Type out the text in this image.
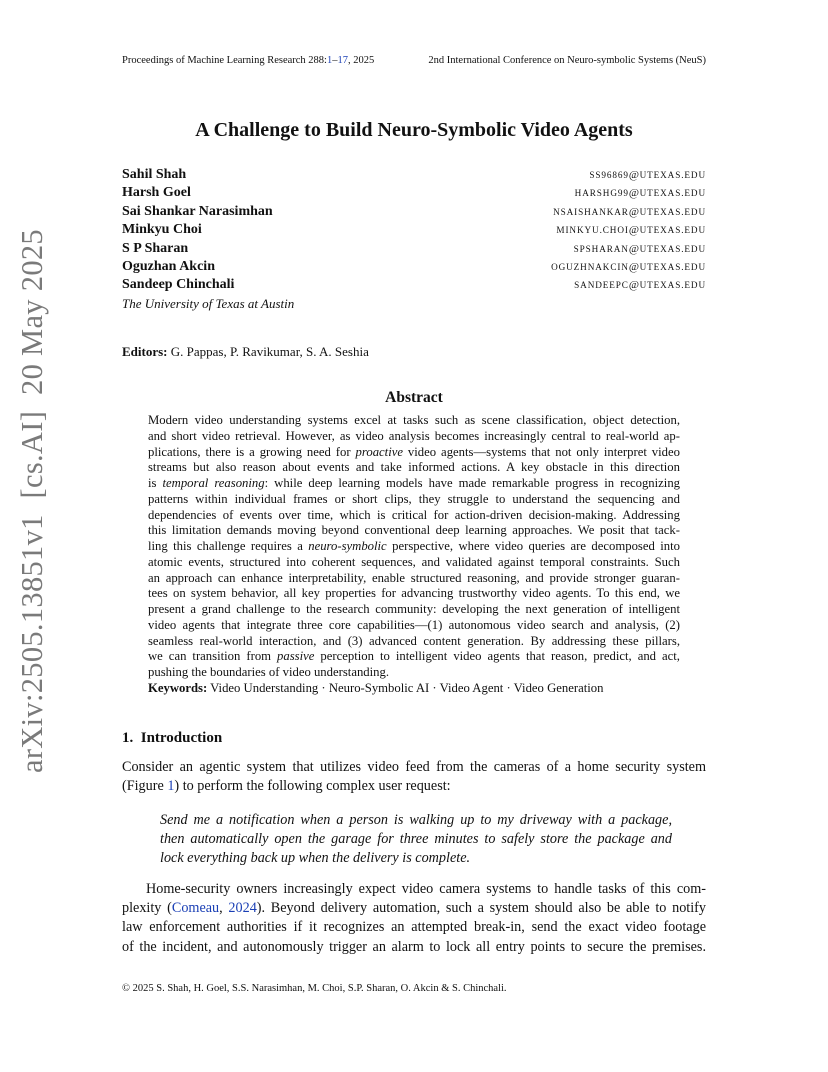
Proceedings of Machine Learning Research 288:1–17, 2025	2nd International Conference on Neuro-symbolic Systems (NeuS)
A Challenge to Build Neuro-Symbolic Video Agents
Sahil Shah	SS96869@UTEXAS.EDU
Harsh Goel	HARSHG99@UTEXAS.EDU
Sai Shankar Narasimhan	NSAISHANKAR@UTEXAS.EDU
Minkyu Choi	MINKYU.CHOI@UTEXAS.EDU
S P Sharan	SPSHARAN@UTEXAS.EDU
Oguzhan Akcin	OGUZHNAKCIN@UTEXAS.EDU
Sandeep Chinchali	SANDEEPC@UTEXAS.EDU
The University of Texas at Austin
Editors: G. Pappas, P. Ravikumar, S. A. Seshia
Abstract
Modern video understanding systems excel at tasks such as scene classification, object detection,
and short video retrieval. However, as video analysis becomes increasingly central to real-world ap-
plications, there is a growing need for proactive video agents—systems that not only interpret video
streams but also reason about events and take informed actions. A key obstacle in this direction
is temporal reasoning: while deep learning models have made remarkable progress in recognizing
patterns within individual frames or short clips, they struggle to understand the sequencing and
dependencies of events over time, which is critical for action-driven decision-making. Addressing
this limitation demands moving beyond conventional deep learning approaches. We posit that tack-
ling this challenge requires a neuro-symbolic perspective, where video queries are decomposed into
atomic events, structured into coherent sequences, and validated against temporal constraints. Such
an approach can enhance interpretability, enable structured reasoning, and provide stronger guaran-
tees on system behavior, all key properties for advancing trustworthy video agents. To this end, we
present a grand challenge to the research community: developing the next generation of intelligent
video agents that integrate three core capabilities—(1) autonomous video search and analysis, (2)
seamless real-world interaction, and (3) advanced content generation. By addressing these pillars,
we can transition from passive perception to intelligent video agents that reason, predict, and act,
pushing the boundaries of video understanding.
Keywords: Video Understanding · Neuro-Symbolic AI · Video Agent · Video Generation
1. Introduction
Consider an agentic system that utilizes video feed from the cameras of a home security system
(Figure 1) to perform the following complex user request:
Send me a notification when a person is walking up to my driveway with a package,
then automatically open the garage for three minutes to safely store the package and
lock everything back up when the delivery is complete.
Home-security owners increasingly expect video camera systems to handle tasks of this com-
plexity (Comeau, 2024). Beyond delivery automation, such a system should also be able to notify
law enforcement authorities if it recognizes an attempted break-in, send the exact video footage
of the incident, and autonomously trigger an alarm to lock all entry points to secure the premises.
© 2025 S. Shah, H. Goel, S.S. Narasimhan, M. Choi, S.P. Sharan, O. Akcin & S. Chinchali.
arXiv:2505.13851v1  [cs.AI]  20 May 2025
